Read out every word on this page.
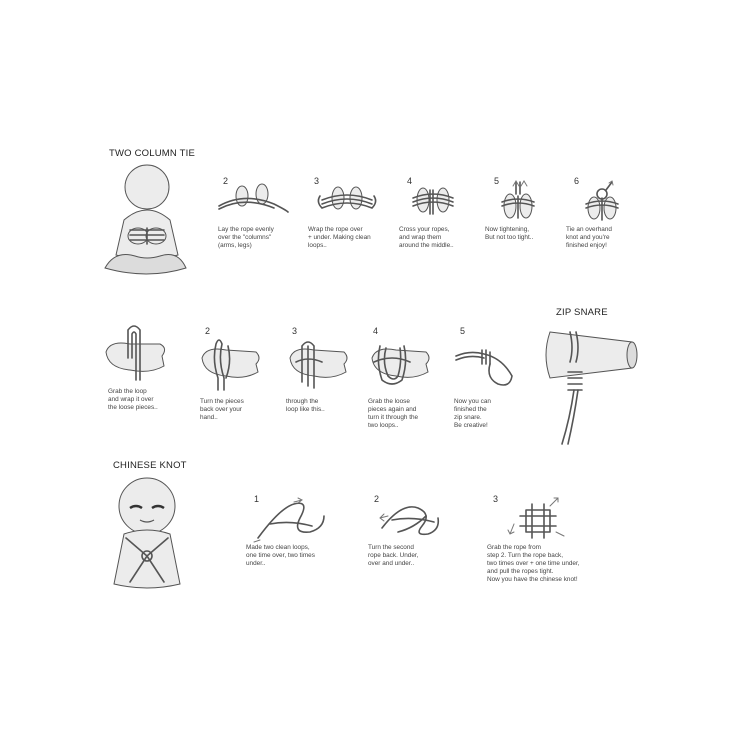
TWO COLUMN TIE
2
Lay the rope evenly
over the "columns"
(arms, legs)
3
Wrap the rope over
+ under. Making clean
loops..
4
Cross your ropes,
and wrap them
around the middle..
5
Now tightening,
But not too tight..
6
Tie an overhand
knot and you're
finished enjoy!
ZIP SNARE
Grab the loop
and wrap it over
the loose pieces..
2
Turn the pieces
back over your
hand..
3
through the
loop like this..
4
Grab the loose
pieces again and
turn it through the
two loops..
5
Now you can
finished the
zip snare.
Be creative!
CHINESE KNOT
1
Made two clean loops,
one time over, two times
under..
2
Turn the second
rope back. Under,
over and under..
3
Grab the rope from
step 2. Turn the rope back,
two times over + one time under,
and pull the ropes tight.
Now you have the chinese knot!
